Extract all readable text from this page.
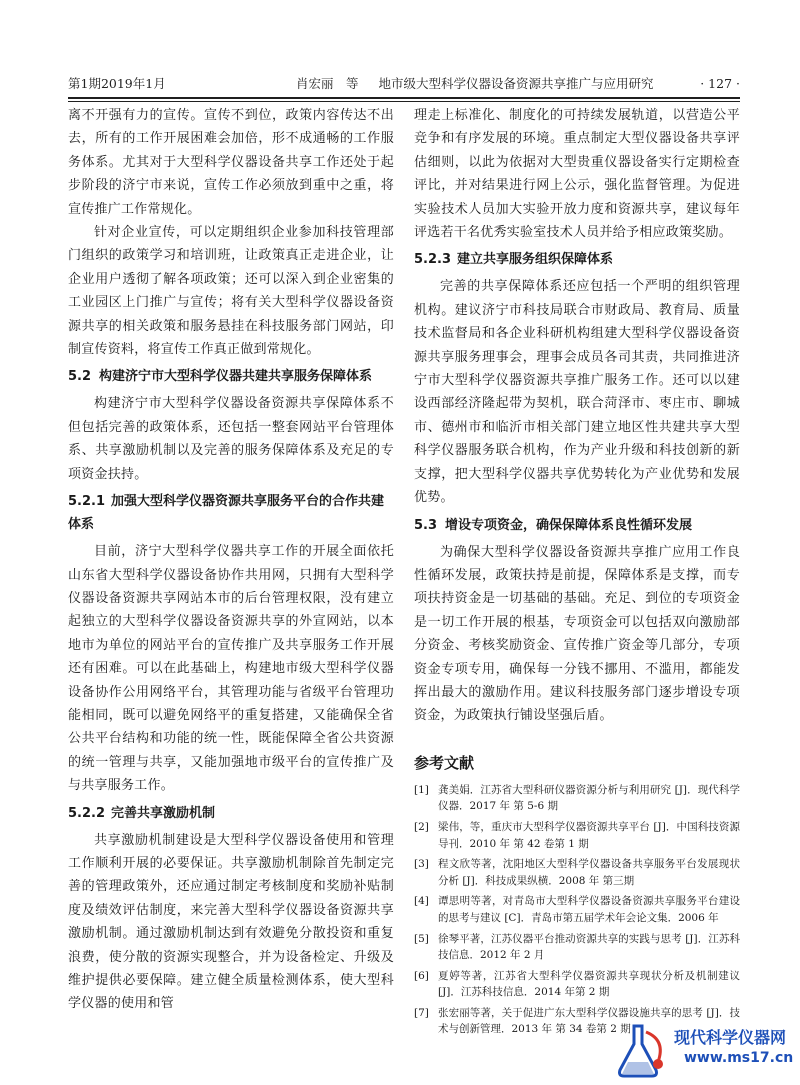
第1期2019年1月	肖宏丽　等 地市级大型科学仪器设备资源共享推广与应用研究	· 127 ·

离不开强有力的宣传。宣传不到位，政策内容传达不出去，所有的工作开展困难会加倍，形不成通畅的工作服务体系。尤其对于大型科学仪器设备共享工作还处于起步阶段的济宁市来说，宣传工作必须放到重中之重，将宣传推广工作常规化。

针对企业宣传，可以定期组织企业参加科技管理部门组织的政策学习和培训班，让政策真正走进企业，让企业用户透彻了解各项政策；还可以深入到企业密集的工业园区上门推广与宣传；将有关大型科学仪器设备资源共享的相关政策和服务悬挂在科技服务部门网站，印制宣传资料，将宣传工作真正做到常规化。

5.2 构建济宁市大型科学仪器共建共享服务保障体系

构建济宁市大型科学仪器设备资源共享保障体系不但包括完善的政策体系，还包括一整套网站平台管理体系、共享激励机制以及完善的服务保障体系及充足的专项资金扶持。

5.2.1 加强大型科学仪器资源共享服务平台的合作共建体系

目前，济宁大型科学仪器共享工作的开展全面依托山东省大型科学仪器设备协作共用网，只拥有大型科学仪器设备资源共享网站本市的后台管理权限，没有建立起独立的大型科学仪器设备资源共享的外宣网站，以本地市为单位的网站平台的宣传推广及共享服务工作开展还有困难。可以在此基础上，构建地市级大型科学仪器设备协作公用网络平台，其管理功能与省级平台管理功能相同，既可以避免网络平的重复搭建，又能确保全省公共平台结构和功能的统一性，既能保障全省公共资源的统一管理与共享，又能加强地市级平台的宣传推广及与共享服务工作。

5.2.2 完善共享激励机制

共享激励机制建设是大型科学仪器设备使用和管理工作顺利开展的必要保证。共享激励机制除首先制定完善的管理政策外，还应通过制定考核制度和奖励补贴制度及绩效评估制度，来完善大型科学仪器设备资源共享激励机制。通过激励机制达到有效避免分散投资和重复浪费，使分散的资源实现整合，并为设备检定、升级及维护提供必要保障。建立健全质量检测体系，使大型科学仪器的使用和管

理走上标准化、制度化的可持续发展轨道，以营造公平竞争和有序发展的环境。重点制定大型仪器设备共享评估细则，以此为依据对大型贵重仪器设备实行定期检查评比，并对结果进行网上公示，强化监督管理。为促进实验技术人员加大实验开放力度和资源共享，建议每年评选若干名优秀实验室技术人员并给予相应政策奖励。

5.2.3 建立共享服务组织保障体系

完善的共享保障体系还应包括一个严明的组织管理机构。建议济宁市科技局联合市财政局、教育局、质量技术监督局和各企业科研机构组建大型科学仪器设备资源共享服务理事会，理事会成员各司其责，共同推进济宁市大型科学仪器资源共享推广服务工作。还可以以建设西部经济隆起带为契机，联合菏泽市、枣庄市、聊城市、德州市和临沂市相关部门建立地区性共建共享大型科学仪器服务联合机构，作为产业升级和科技创新的新支撑，把大型科学仪器共享优势转化为产业优势和发展优势。

5.3 增设专项资金，确保保障体系良性循环发展

为确保大型科学仪器设备资源共享推广应用工作良性循环发展，政策扶持是前提，保障体系是支撑，而专项扶持资金是一切基础的基础。充足、到位的专项资金是一切工作开展的根基，专项资金可以包括双向激励部分资金、考核奖励资金、宣传推广资金等几部分，专项资金专项专用，确保每一分钱不挪用、不滥用，都能发挥出最大的激励作用。建议科技服务部门逐步增设专项资金，为政策执行铺设坚强后盾。

参考文献
[1] 龚美娟．江苏省大型科研仪器资源分析与利用研究 [J]．现代科学仪器．2017 年 第 5-6 期
[2] 梁伟，等，重庆市大型科学仪器资源共享平台 [J]．中国科技资源导刊．2010 年 第 42 卷第 1 期
[3] 程文欣等著，沈阳地区大型科学仪器设备共享服务平台发展现状分析 [J]．科技成果纵横．2008 年 第三期
[4] 谭思明等著，对青岛市大型科学仪器设备资源共享服务平台建设的思考与建议 [C]．青岛市第五届学术年会论文集．2006 年
[5] 徐琴平著，江苏仪器平台推动资源共享的实践与思考 [J]．江苏科技信息．2012 年 2 月
[6] 夏婷等著，江苏省大型科学仪器资源共享现状分析及机制建议 [J]．江苏科技信息．2014 年第 2 期
[7] 张宏丽等著，关于促进广东大型科学仪器设施共享的思考 [J]．技术与创新管理．2013 年 第 34 卷第 2 期	现代科学仪器网
www.ms17.cn
